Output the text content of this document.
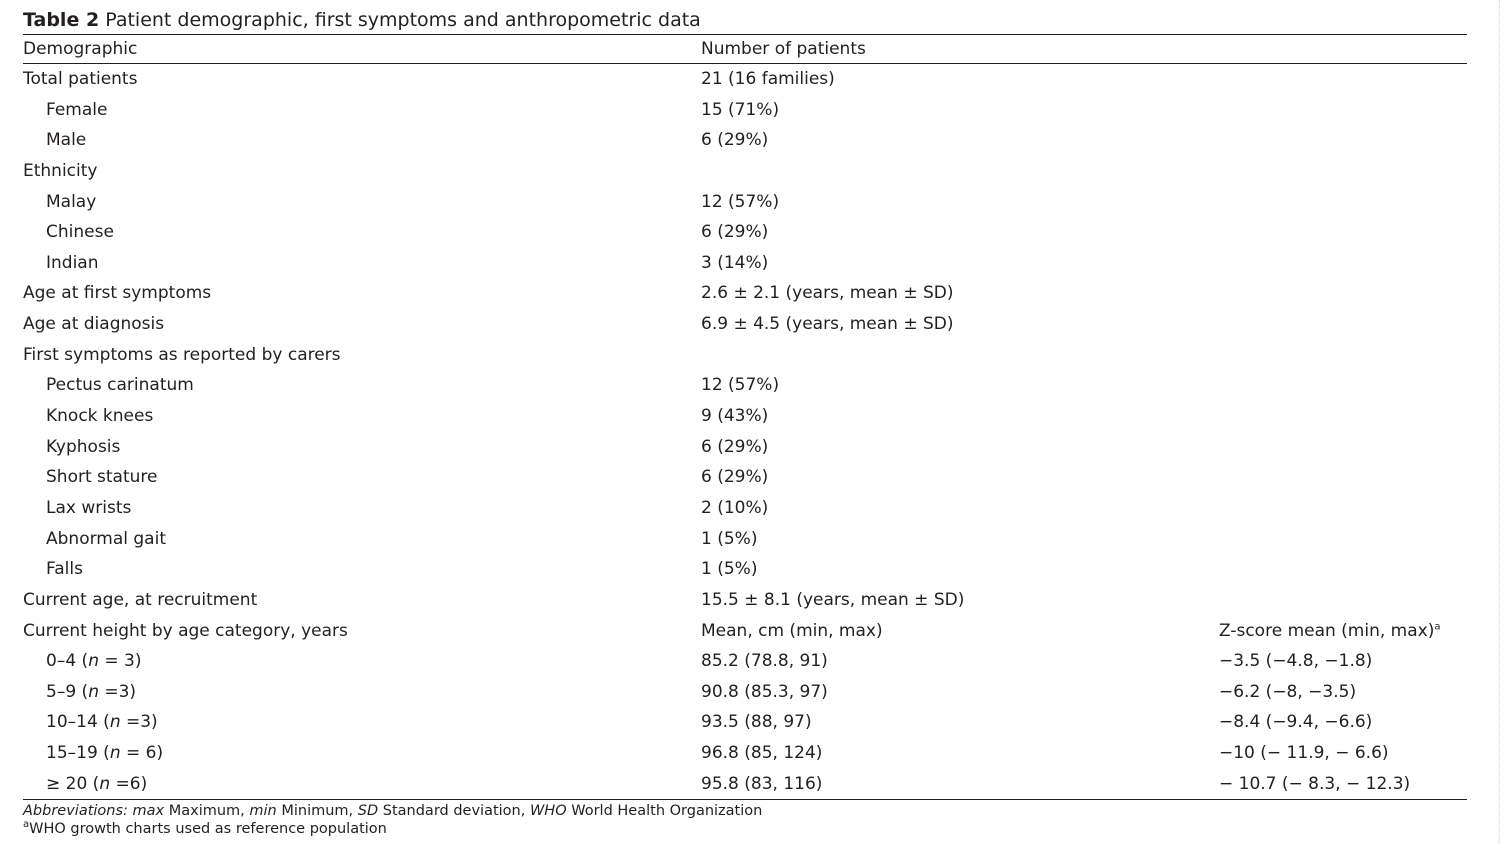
Table 2 Patient demographic, first symptoms and anthropometric data
Demographic	Number of patients
Total patients	21 (16 families)
Female	15 (71%)
Male	6 (29%)
Ethnicity
Malay	12 (57%)
Chinese	6 (29%)
Indian	3 (14%)
Age at first symptoms	2.6 ± 2.1 (years, mean ± SD)
Age at diagnosis	6.9 ± 4.5 (years, mean ± SD)
First symptoms as reported by carers
Pectus carinatum	12 (57%)
Knock knees	9 (43%)
Kyphosis	6 (29%)
Short stature	6 (29%)
Lax wrists	2 (10%)
Abnormal gait	1 (5%)
Falls	1 (5%)
Current age, at recruitment	15.5 ± 8.1 (years, mean ± SD)
Current height by age category, years	Mean, cm (min, max)	Z-score mean (min, max)$^a$
0–4 (n = 3)	85.2 (78.8, 91)	−3.5 (−4.8, −1.8)
5–9 (n =3)	90.8 (85.3, 97)	−6.2 (−8, −3.5)
10–14 (n =3)	93.5 (88, 97)	−8.4 (−9.4, −6.6)
15–19 (n = 6)	96.8 (85, 124)	−10 (− 11.9, − 6.6)
≥ 20 (n =6)	95.8 (83, 116)	− 10.7 (− 8.3, − 12.3)
Abbreviations: max Maximum, min Minimum, SD Standard deviation, WHO World Health Organization
$^a$WHO growth charts used as reference population
